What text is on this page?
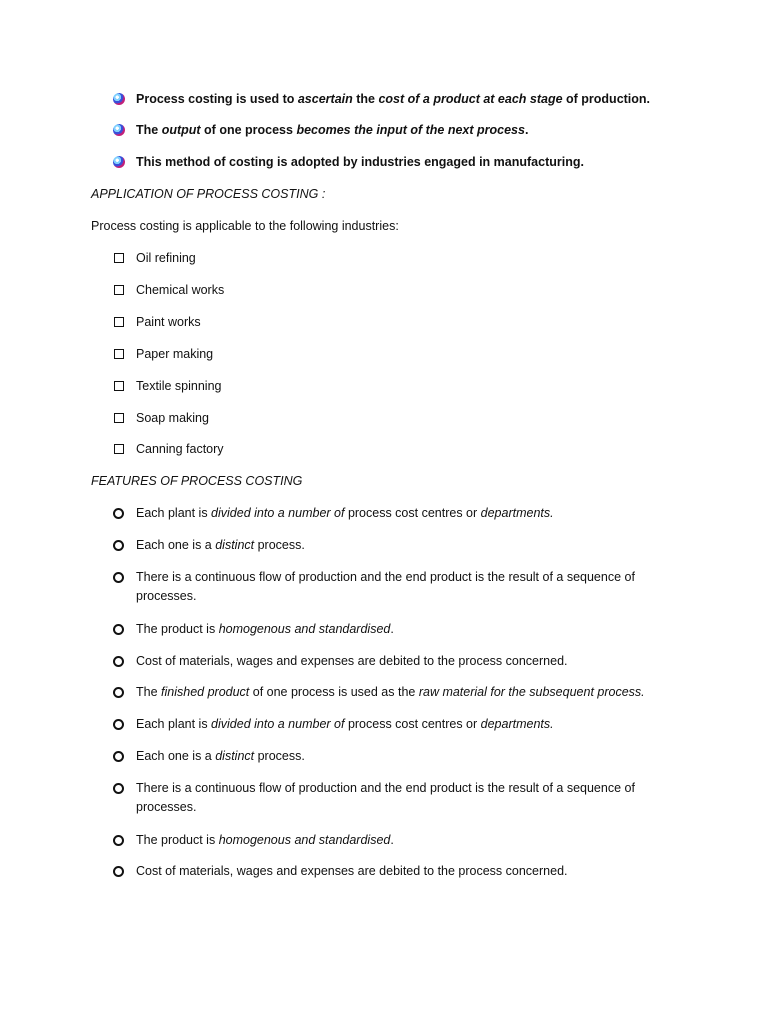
Process costing is used to ascertain the cost of a product at each stage of production.
The output of one process becomes the input of the next process.
This method of costing is adopted by industries engaged in manufacturing.
APPLICATION OF PROCESS COSTING :
Process costing is applicable to the following industries:
Oil refining
Chemical works
Paint works
Paper making
Textile spinning
Soap making
Canning factory
FEATURES OF PROCESS COSTING
Each plant is divided into a number of process cost centres or departments.
Each one is a distinct process.
There is a continuous flow of production and the end product is the result of a sequence of processes.
The product is homogenous and standardised.
Cost of materials, wages and expenses are debited to the process concerned.
The finished product of one process is used as the raw material for the subsequent process.
Each plant is divided into a number of process cost centres or departments.
Each one is a distinct process.
There is a continuous flow of production and the end product is the result of a sequence of processes.
The product is homogenous and standardised.
Cost of materials, wages and expenses are debited to the process concerned.
